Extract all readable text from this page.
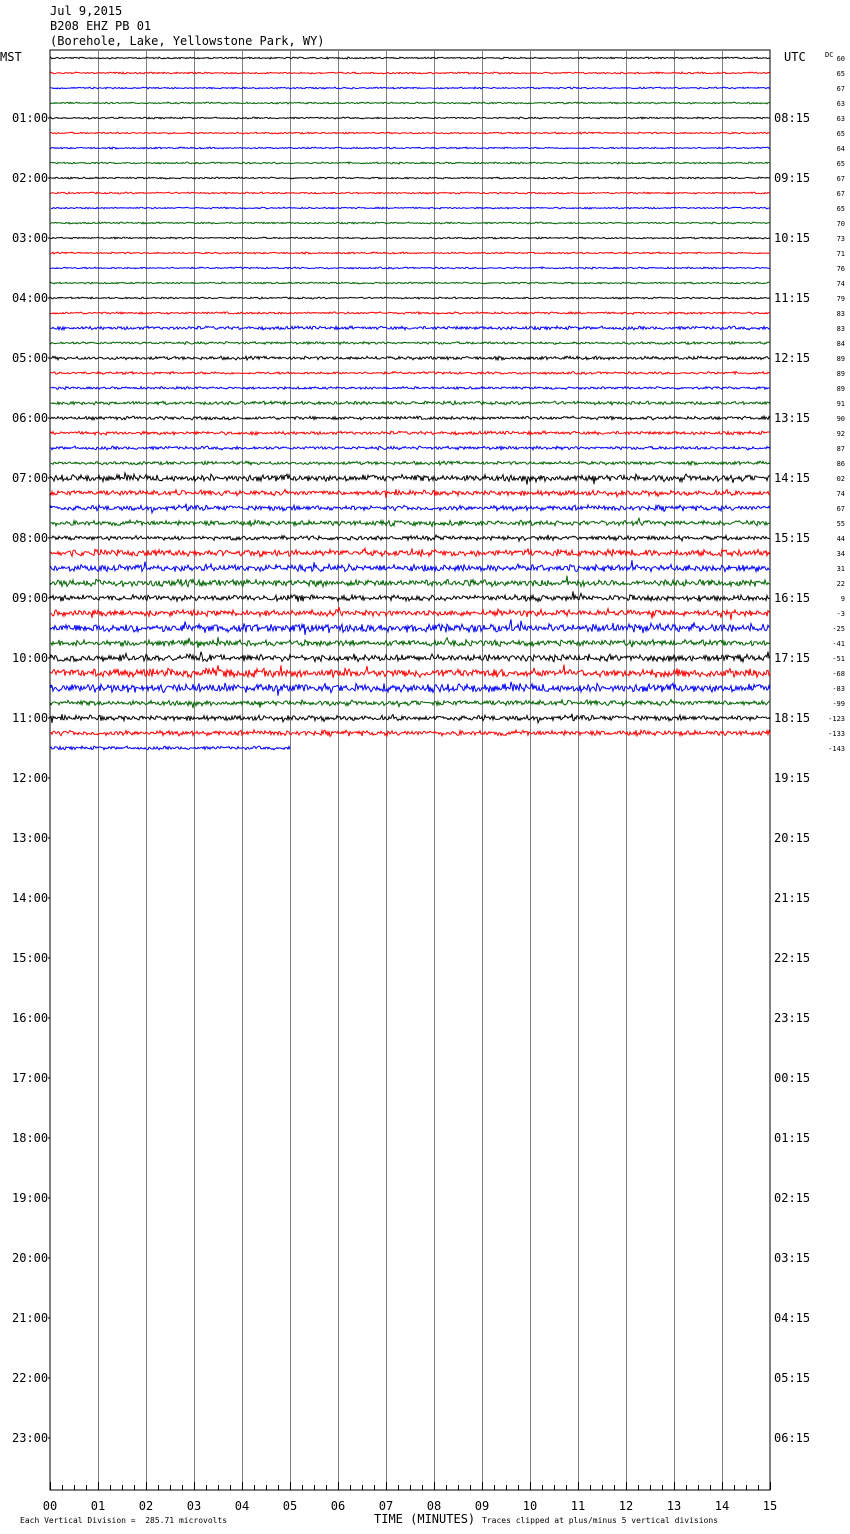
Jul 9,2015
B208 EHZ PB 01
(Borehole, Lake, Yellowstone Park, WY)
01:00
02:00
03:00
04:00
05:00
06:00
07:00
08:00
09:00
10:00
11:00
12:00
13:00
14:00
15:00
16:00
17:00
18:00
19:00
20:00
21:00
22:00
23:00
08:15
09:15
10:15
11:15
12:15
13:15
14:15
15:15
16:15
17:15
18:15
19:15
20:15
21:15
22:15
23:15
00:15
01:15
02:15
03:15
04:15
05:15
06:15
60
65
67
63
63
65
64
65
67
67
65
70
73
71
76
74
79
83
83
84
89
89
89
91
90
92
87
86
02
74
67
55
44
34
31
22
9
-3
-25
-41
-51
-68
-83
-99
-123
-133
-143
00	01	02	03	04	05	06	07	08	09	10	11	12	13	14	15
MST	UTC	DC
TIME (MINUTES)
Each Vertical Division =  285.71 microvolts	Traces clipped at plus/minus 5 vertical divisions
